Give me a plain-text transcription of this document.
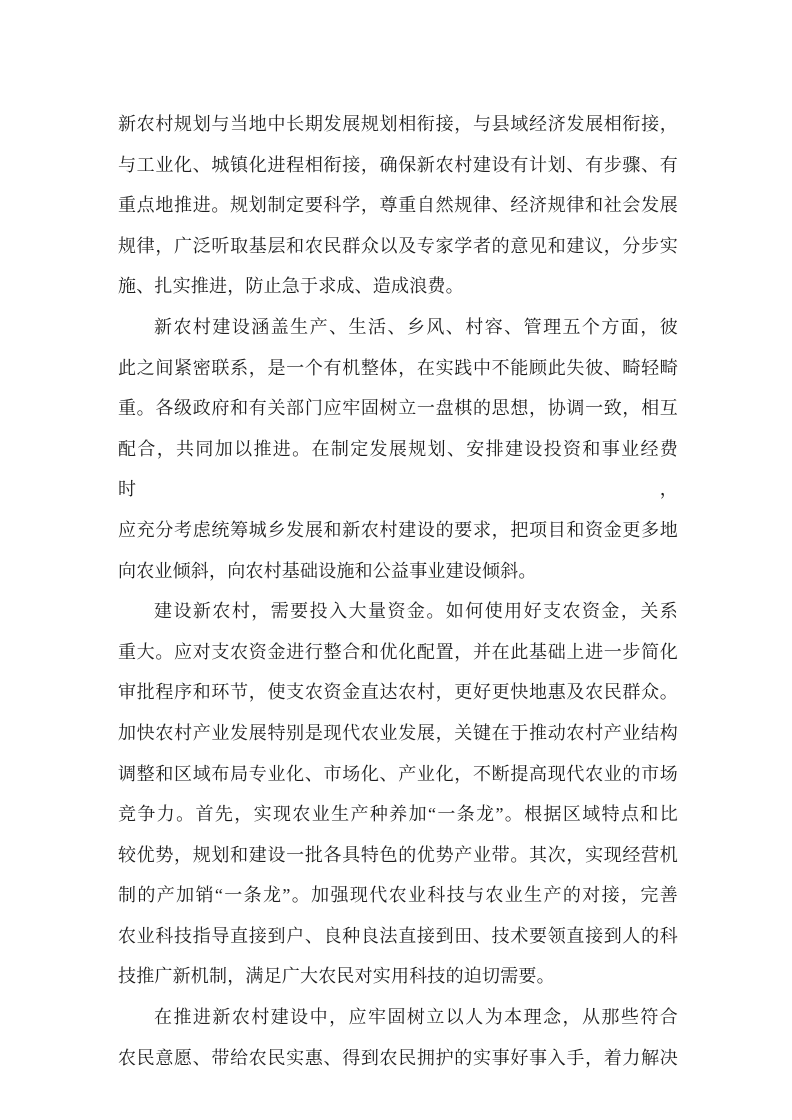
新农村规划与当地中长期发展规划相衔接，与县域经济发展相衔接，
与工业化、城镇化进程相衔接，确保新农村建设有计划、有步骤、有
重点地推进。规划制定要科学，尊重自然规律、经济规律和社会发展
规律，广泛听取基层和农民群众以及专家学者的意见和建议，分步实
施、扎实推进，防止急于求成、造成浪费。
新农村建设涵盖生产、生活、乡风、村容、管理五个方面，彼
此之间紧密联系，是一个有机整体，在实践中不能顾此失彼、畸轻畸
重。各级政府和有关部门应牢固树立一盘棋的思想，协调一致，相互
配合，共同加以推进。在制定发展规划、安排建设投资和事业经费时，
应充分考虑统筹城乡发展和新农村建设的要求，把项目和资金更多地
向农业倾斜，向农村基础设施和公益事业建设倾斜。
建设新农村，需要投入大量资金。如何使用好支农资金，关系
重大。应对支农资金进行整合和优化配置，并在此基础上进一步简化
审批程序和环节，使支农资金直达农村，更好更快地惠及农民群众。
加快农村产业发展特别是现代农业发展，关键在于推动农村产业结构
调整和区域布局专业化、市场化、产业化，不断提高现代农业的市场
竞争力。首先，实现农业生产种养加“一条龙”。根据区域特点和比
较优势，规划和建设一批各具特色的优势产业带。其次，实现经营机
制的产加销“一条龙”。加强现代农业科技与农业生产的对接，完善
农业科技指导直接到户、良种良法直接到田、技术要领直接到人的科
技推广新机制，满足广大农民对实用科技的迫切需要。
在推进新农村建设中，应牢固树立以人为本理念，从那些符合
农民意愿、带给农民实惠、得到农民拥护的实事好事入手，着力解决
